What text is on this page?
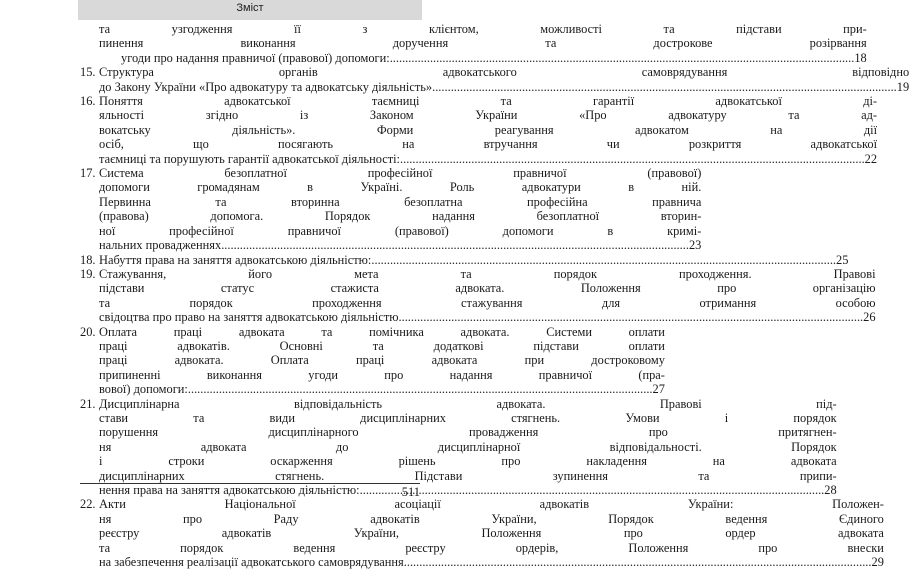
Зміст
та узгодження її з клієнтом, можливості та підстави при-
пинення виконання доручення та дострокове розірвання
угоди про надання правничої (правової) допомоги: .....	18
15. Структура органів адвокатського самоврядування відповідно
до Закону України «Про адвокатуру та адвокатську діяльність» .....	19
16. Поняття адвокатської таємниці та гарантії адвокатської ді-
яльності згідно із Законом України «Про адвокатуру та ад-
вокатську діяльність». Форми реагування адвокатом на дії
осіб, що посягають на втручання чи розкриття адвокатської
таємниці та порушують гарантії адвокатської діяльності: .....	22
17. Система безоплатної професійної правничої (правової)
допомоги громадянам в Україні. Роль адвокатури в ній.
Первинна та вторинна безоплатна професійна правнича
(правова) допомога. Порядок надання безоплатної вторин-
ної професійної правничої (правової) допомоги в кримі-
нальних провадженнях. .....	23
18. Набуття права на заняття адвокатською діяльністю: .....	25
19. Стажування, його мета та порядок проходження. Правові
підстави статус стажиста адвоката. Положення про організацію
та порядок проходження стажування для отримання особою
свідоцтва про право на заняття адвокатською діяльністю .....	26
20. Оплата праці адвоката та помічника адвоката. Системи оплати
праці адвокатів. Основні та додаткові підстави оплати
праці адвоката. Оплата праці адвоката при достроковому
припиненні виконання угоди про надання правничої (пра-
вової) допомоги: .....	27
21. Дисциплінарна відповідальність адвоката. Правові під-
стави та види дисциплінарних стягнень. Умови і порядок
порушення дисциплінарного провадження про притягнен-
ня адвоката до дисциплінарної відповідальності. Порядок
і строки оскарження рішень про накладення на адвоката
дисциплінарних стягнень. Підстави зупинення та припи-
нення права на заняття адвокатською діяльністю: .....	28
22. Акти Національної асоціації адвокатів України: Положен-
ня про Раду адвокатів України, Порядок ведення Єдиного
реєстру адвокатів України, Положення про ордер адвоката
та порядок ведення реєстру ордерів, Положення про внески
на забезпечення реалізації адвокатського самоврядування. .....	29
511
